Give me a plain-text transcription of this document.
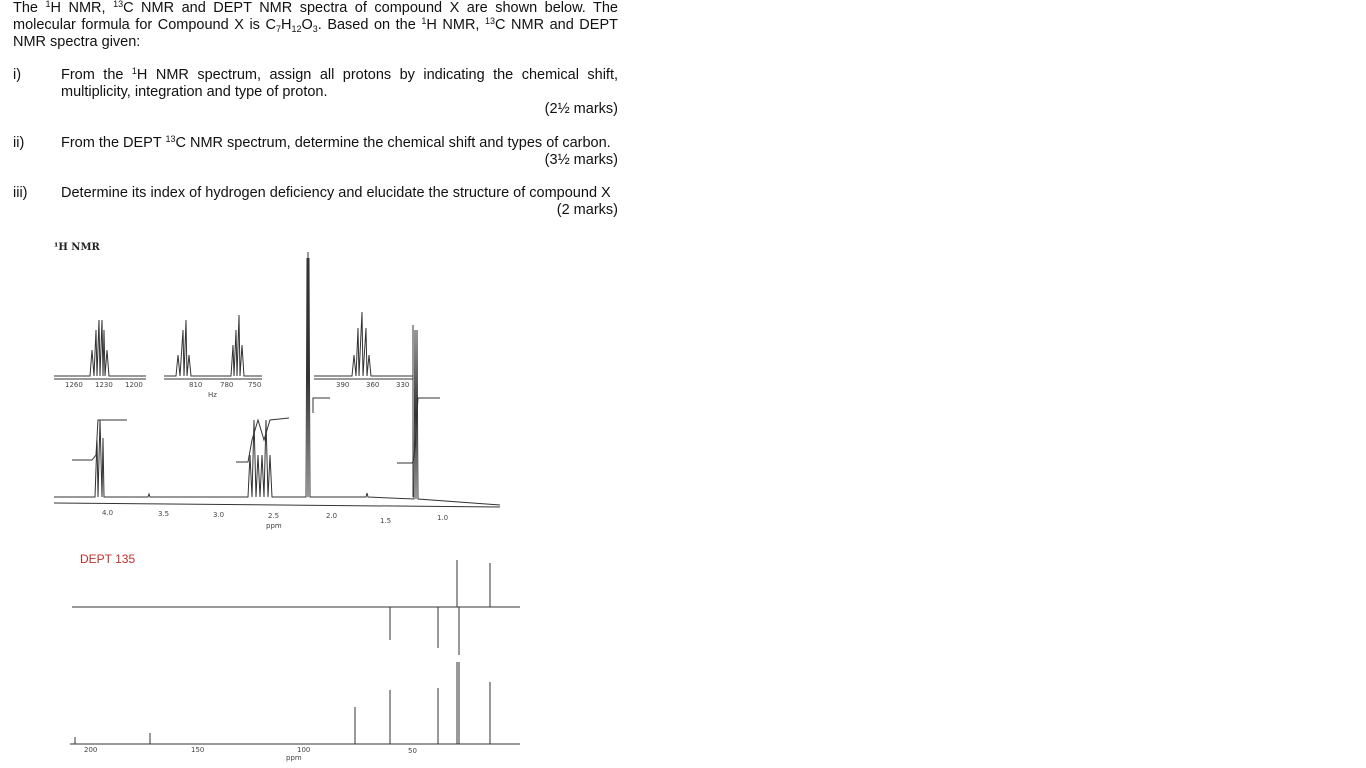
The $^1$H NMR, $^{13}$C NMR and DEPT NMR spectra of compound X are shown below. The molecular formula for Compound X is $C_7H_{12}O_3$. Based on the $^1$H NMR, $^{13}$C NMR and DEPT NMR spectra given:
i)	From the $^1$H NMR spectrum, assign all protons by indicating the chemical shift, multiplicity, integration and type of proton.
(2½ marks)
ii)	From the DEPT $^{13}$C NMR spectrum, determine the chemical shift and types of carbon.
(3½ marks)
iii) Determine its index of hydrogen deficiency and elucidate the structure of compound X
(2 marks)
¹H NMR
1260 1230 1200	810	780 750
Hz
390 360 330
4.0	3.5	3.0	2.5	2.0
1.5	1.0
ppm
DEPT 135
200	150	100	50
ppm
